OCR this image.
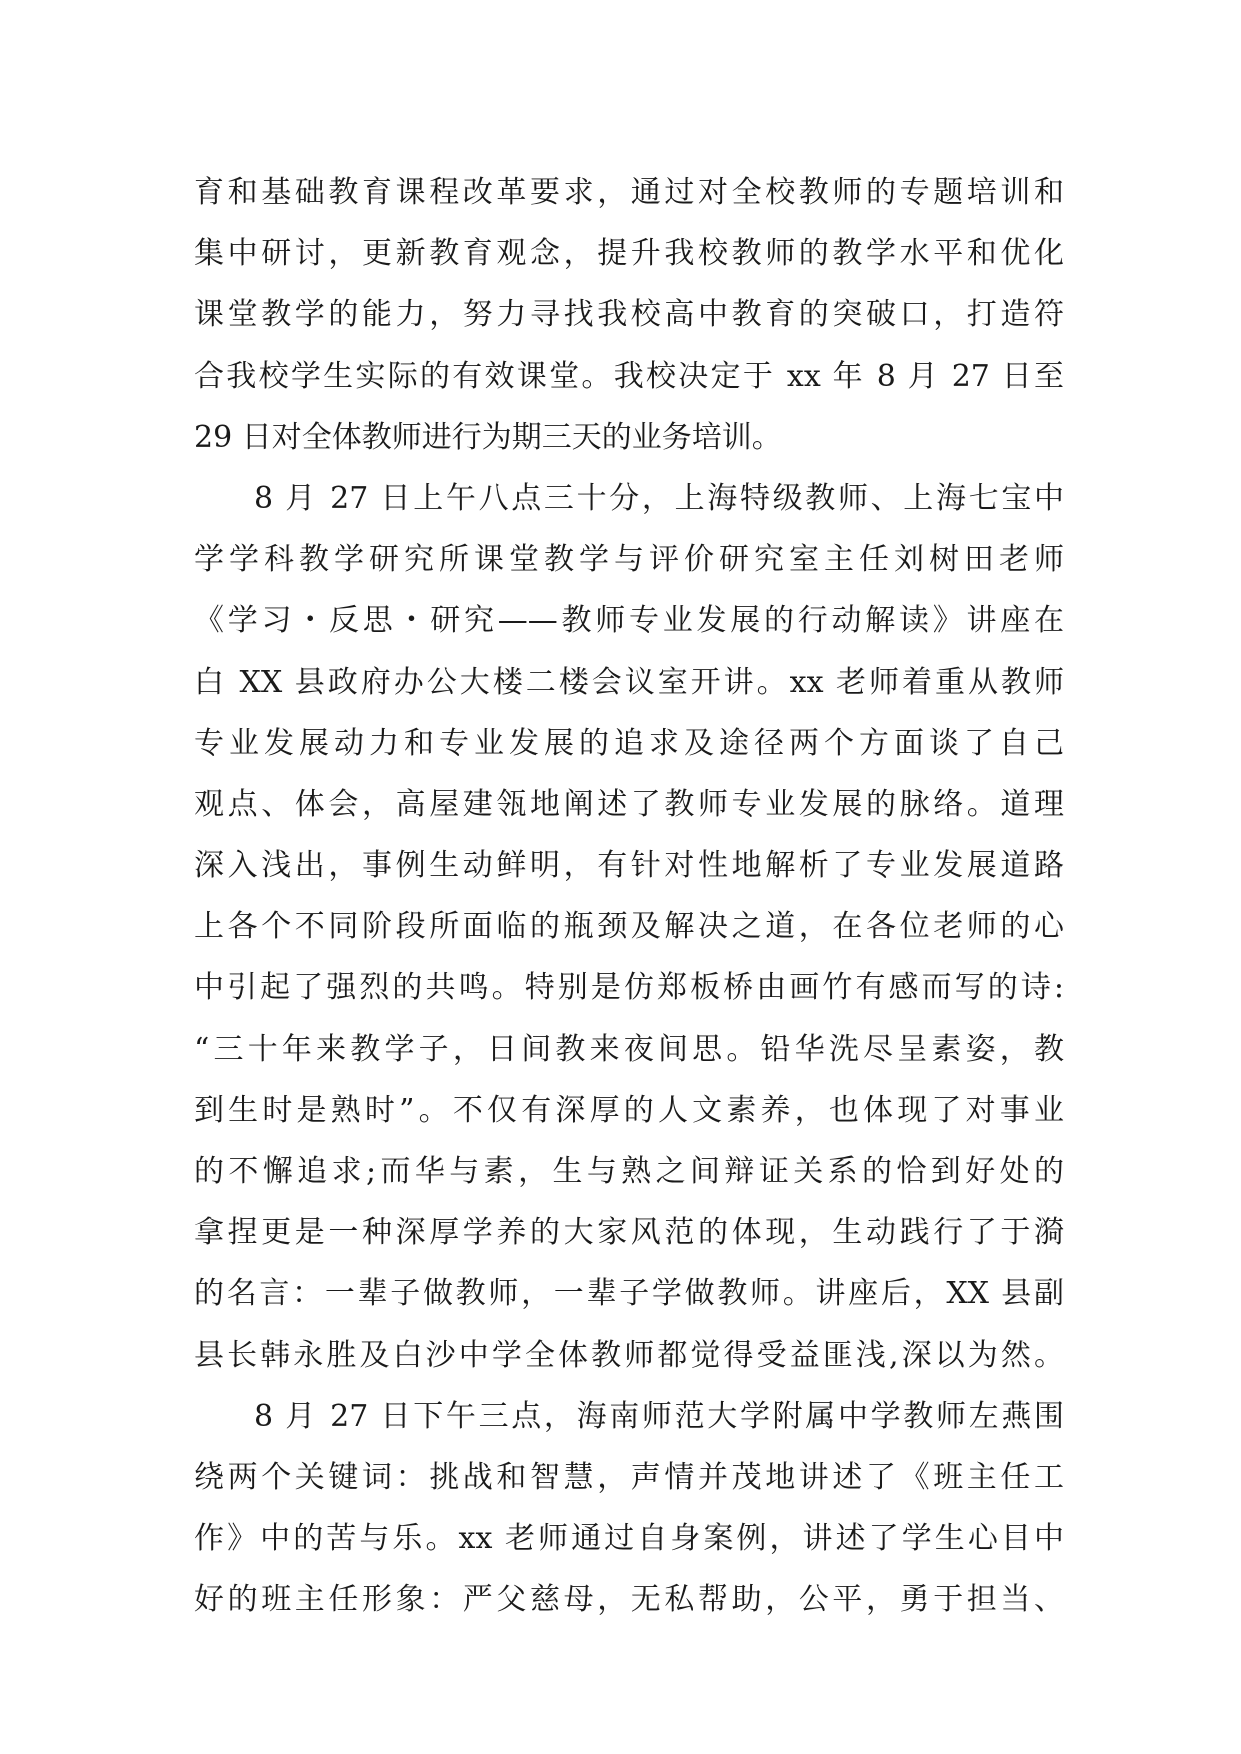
育和基础教育课程改革要求，通过对全校教师的专题培训和
集中研讨，更新教育观念，提升我校教师的教学水平和优化
课堂教学的能力，努力寻找我校高中教育的突破口，打造符
合我校学生实际的有效课堂。我校决定于 xx 年 8 月 27 日至
29 日对全体教师进行为期三天的业务培训。
8 月 27 日上午八点三十分，上海特级教师、上海七宝中
学学科教学研究所课堂教学与评价研究室主任刘树田老师
《学习・反思・研究——教师专业发展的行动解读》讲座在
白 XX 县政府办公大楼二楼会议室开讲。xx 老师着重从教师
专业发展动力和专业发展的追求及途径两个方面谈了自己
观点、体会，高屋建瓴地阐述了教师专业发展的脉络。道理
深入浅出，事例生动鲜明，有针对性地解析了专业发展道路
上各个不同阶段所面临的瓶颈及解决之道，在各位老师的心
中引起了强烈的共鸣。特别是仿郑板桥由画竹有感而写的诗:
“三十年来教学子，日间教来夜间思。铅华洗尽呈素姿，教
到生时是熟时”。不仅有深厚的人文素养，也体现了对事业
的不懈追求;而华与素，生与熟之间辩证关系的恰到好处的
拿捏更是一种深厚学养的大家风范的体现，生动践行了于漪
的名言：一辈子做教师，一辈子学做教师。讲座后，XX 县副
县长韩永胜及白沙中学全体教师都觉得受益匪浅,深以为然。
8 月 27 日下午三点，海南师范大学附属中学教师左燕围
绕两个关键词：挑战和智慧，声情并茂地讲述了《班主任工
作》中的苦与乐。xx 老师通过自身案例，讲述了学生心目中
好的班主任形象：严父慈母，无私帮助，公平，勇于担当、
